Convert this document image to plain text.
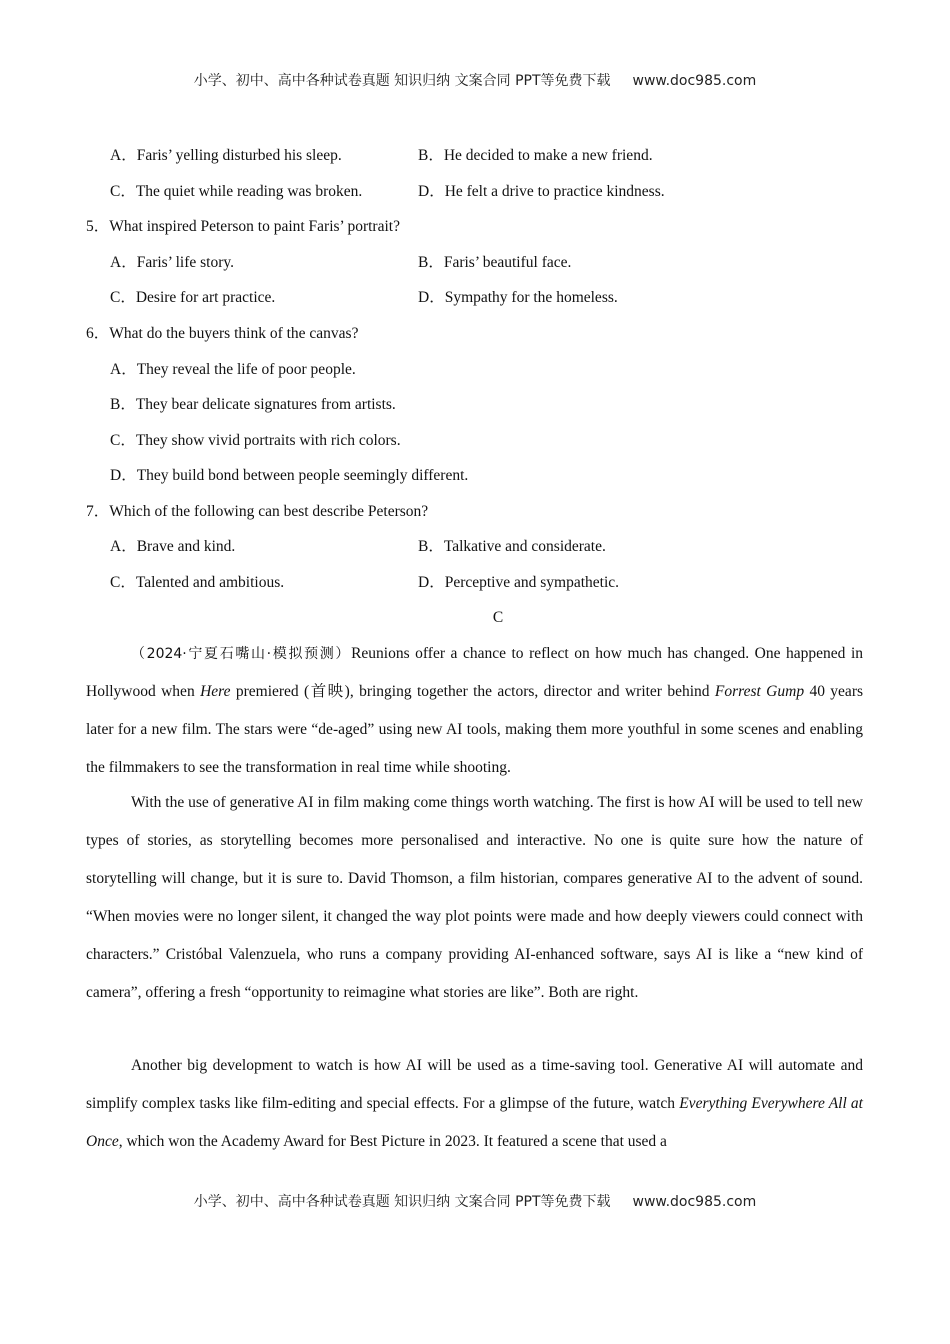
小学、初中、高中各种试卷真题 知识归纳 文案合同 PPT等免费下载 www.doc985.com
A．Faris’ yelling disturbed his sleep.	B．He decided to make a new friend.
C．The quiet while reading was broken.	D．He felt a drive to practice kindness.
5．What inspired Peterson to paint Faris’ portrait?
A．Faris’ life story.	B．Faris’ beautiful face.
C．Desire for art practice.	D．Sympathy for the homeless.
6．What do the buyers think of the canvas?
A．They reveal the life of poor people.
B．They bear delicate signatures from artists.
C．They show vivid portraits with rich colors.
D．They build bond between people seemingly different.
7．Which of the following can best describe Peterson?
A．Brave and kind.	B．Talkative and considerate.
C．Talented and ambitious.	D．Perceptive and sympathetic.
C

（2024·宁夏石嘴山·模拟预测）Reunions offer a chance to reflect on how much has changed. One happened in Hollywood when Here premiered (首映), bringing together the actors, director and writer behind Forrest Gump 40 years later for a new film. The stars were “de-aged” using new AI tools, making them more youthful in some scenes and enabling the filmmakers to see the transformation in real time while shooting.

With the use of generative AI in film making come things worth watching. The first is how AI will be used to tell new types of stories, as storytelling becomes more personalised and interactive. No one is quite sure how the nature of storytelling will change, but it is sure to. David Thomson, a film historian, compares generative AI to the advent of sound. “When movies were no longer silent, it changed the way plot points were made and how deeply viewers could connect with characters.” Cristóbal Valenzuela, who runs a company providing AI-enhanced software, says AI is like a “new kind of camera”, offering a fresh “opportunity to reimagine what stories are like”. Both are right.

Another big development to watch is how AI will be used as a time-saving tool. Generative AI will automate and simplify complex tasks like film-editing and special effects. For a glimpse of the future, watch Everything Everywhere All at Once, which won the Academy Award for Best Picture in 2023. It featured a scene that used a

小学、初中、高中各种试卷真题 知识归纳 文案合同 PPT等免费下载 www.doc985.com
